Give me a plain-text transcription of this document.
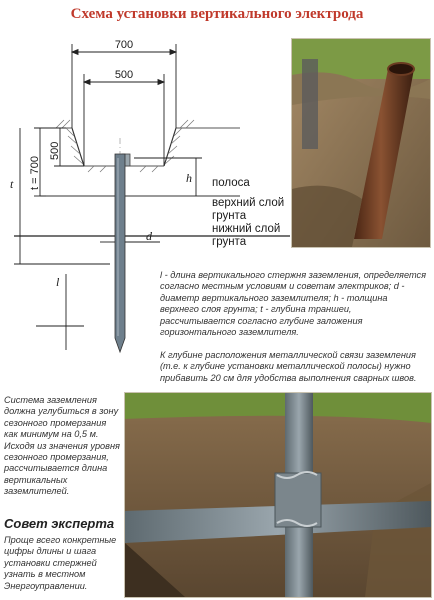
Схема установки вертикального электрода
700
500
500
t = 700
t	h
d
l
полоса
верхний слой
грунта
нижний слой
грунта
l - длина вертикального стержня заземления, определяется согласно местным условиям и советам электриков; d - диаметр вертикального заземлителя; h - толщина верхнего слоя грунта; t - глубина траншеи, рассчитывается согласно глубине заложения горизонтального заземлителя.
К глубине расположения металлической связи заземления (т.е. к глубине установки металлической полосы) нужно прибавить 20 см для удобства выполнения сварных швов.
Система заземления должна углубиться в зону сезонного промерзания как минимум на 0,5 м. Исходя из значения уровня сезонного промерзания, рассчитывается длина вертикальных заземлителей.
Совет эксперта
Проще всего конкретные цифры длины и шага установки стержней узнать в местном Энергоуправлении.
